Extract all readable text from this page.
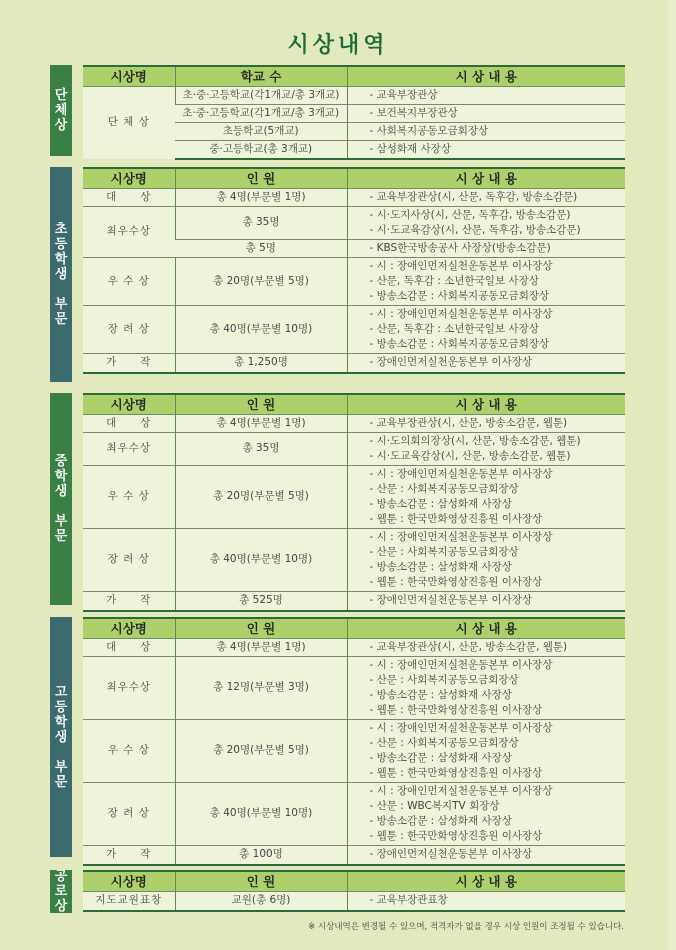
시상내역
단
체
상
시상명	학교 수	시 상 내 용
단 체 상	초·중·고등학교(각1개교/총 3개교)	- 교육부장관상
	초·중·고등학교(각1개교/총 3개교)	- 보건복지부장관상
	초등학교(5개교)	- 사회복지공동모금회장상
	중·고등학교(총 3개교)	- 삼성화재 사장상
초
등
학
생

부
문
시상명	인 원	시 상 내 용
대　　상	총 4명(부문별 1명)	- 교육부장관상(시, 산문, 독후감, 방송소감문)

최우수상	총 35명	- 시·도지사상(시, 산문, 독후감, 방송소감문)
- 시·도교육감상(시, 산문, 독후감, 방송소감문)

	총 5명	- KBS한국방송공사 사장상(방송소감문)

우 수 상	총 20명(부문별 5명)	- 시 : 장애인먼저실천운동본부 이사장상
- 산문, 독후감 : 소년한국일보 사장상
- 방송소감문 : 사회복지공동모금회장상

장 려 상	총 40명(부문별 10명)	- 시 : 장애인먼저실천운동본부 이사장상
- 산문, 독후감 : 소년한국일보 사장상
- 방송소감문 : 사회복지공동모금회장상

가　　작	총 1,250명	- 장애인먼저실천운동본부 이사장상
중
학
생

부
문
시상명	인 원	시 상 내 용
대　　상	총 4명(부문별 1명)	- 교육부장관상(시, 산문, 방송소감문, 웹툰)

최우수상	총 35명	- 시·도의회의장상(시, 산문, 방송소감문, 웹툰)
- 시·도교육감상(시, 산문, 방송소감문, 웹툰)

우 수 상	총 20명(부문별 5명)	- 시 : 장애인먼저실천운동본부 이사장상
- 산문 : 사회복지공동모금회장상
- 방송소감문 : 삼성화재 사장상
- 웹툰 : 한국만화영상진흥원 이사장상

장 려 상	총 40명(부문별 10명)	- 시 : 장애인먼저실천운동본부 이사장상
- 산문 : 사회복지공동모금회장상
- 방송소감문 : 삼성화재 사장상
- 웹툰 : 한국만화영상진흥원 이사장상

가　　작	총 525명	- 장애인먼저실천운동본부 이사장상
고
등
학
생

부
문
시상명	인 원	시 상 내 용
대　　상	총 4명(부문별 1명)	- 교육부장관상(시, 산문, 방송소감문, 웹툰)

최우수상	총 12명(부문별 3명)	- 시 : 장애인먼저실천운동본부 이사장상
- 산문 : 사회복지공동모금회장상
- 방송소감문 : 삼성화재 사장상
- 웹툰 : 한국만화영상진흥원 이사장상

우 수 상	총 20명(부문별 5명)	- 시 : 장애인먼저실천운동본부 이사장상
- 산문 : 사회복지공동모금회장상
- 방송소감문 : 삼성화재 사장상
- 웹툰 : 한국만화영상진흥원 이사장상

장 려 상	총 40명(부문별 10명)	- 시 : 장애인먼저실천운동본부 이사장상
- 산문 : WBC복지TV 회장상
- 방송소감문 : 삼성화재 사장상
- 웹툰 : 한국만화영상진흥원 이사장상

가　　작	총 100명	- 장애인먼저실천운동본부 이사장상
공
로
상
시상명	인 원	시 상 내 용
지도교원표창	교원(총 6명)	- 교육부장관표창
※ 시상내역은 변경될 수 있으며, 적격자가 없을 경우 시상 인원이 조정될 수 있습니다.
